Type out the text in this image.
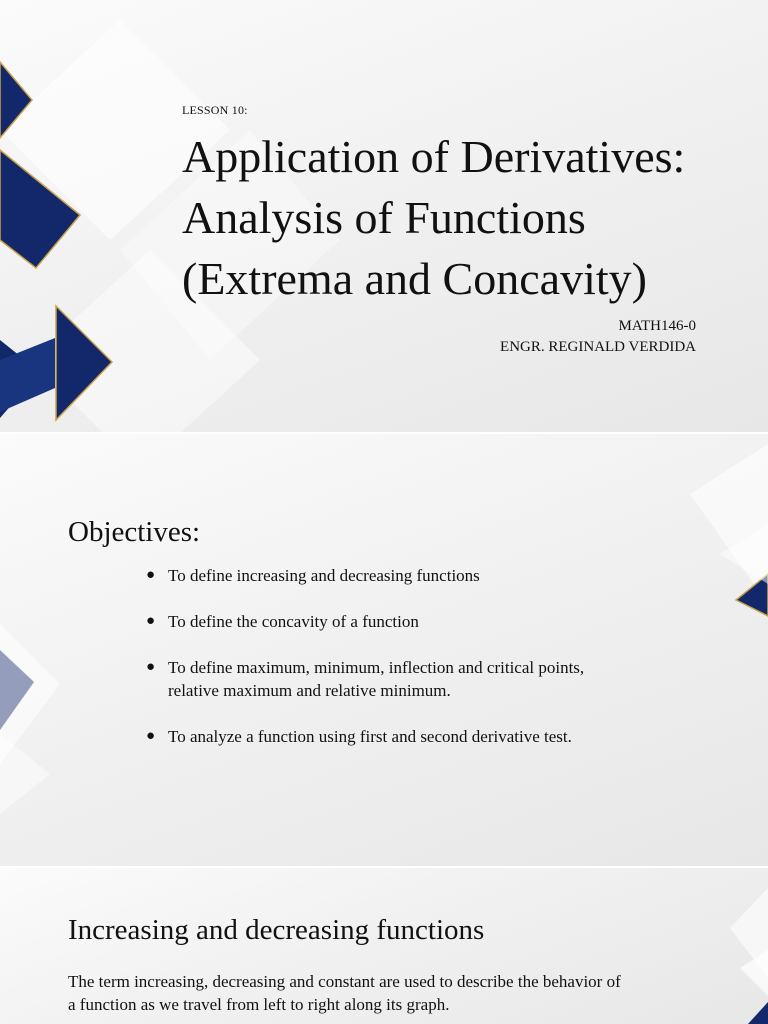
LESSON 10:
Application of Derivatives:
Analysis of Functions
(Extrema and Concavity)
MATH146-0
ENGR. REGINALD VERDIDA
Objectives:
● To define increasing and decreasing functions
● To define the concavity of a function
● To define maximum, minimum, inflection and critical points, relative maximum and relative minimum.
● To analyze a function using first and second derivative test.
Increasing and decreasing functions
The term increasing, decreasing and constant are used to describe the behavior of a function as we travel from left to right along its graph.
